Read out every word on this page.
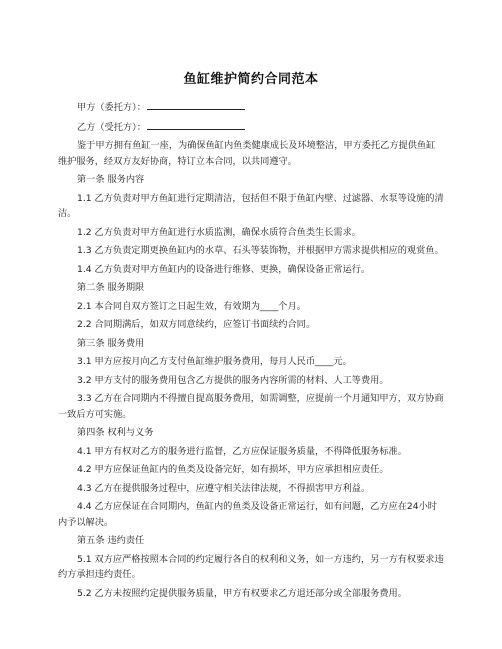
鱼缸维护简约合同范本
甲方（委托方）：
乙方（受托方）：

鉴于甲方拥有鱼缸一座，为确保鱼缸内鱼类健康成长及环境整洁，甲方委托乙方提供鱼缸维护服务，经双方友好协商，特订立本合同，以共同遵守。

第一条 服务内容

1.1 乙方负责对甲方鱼缸进行定期清洁，包括但不限于鱼缸内壁、过滤器、水泵等设施的清洁。

1.2 乙方负责对甲方鱼缸进行水质监测，确保水质符合鱼类生长需求。

1.3 乙方负责定期更换鱼缸内的水草、石头等装饰物，并根据甲方需求提供相应的观赏鱼。

1.4 乙方负责对甲方鱼缸内的设备进行维修、更换，确保设备正常运行。

第二条 服务期限

2.1 本合同自双方签订之日起生效，有效期为____个月。

2.2 合同期满后，如双方同意续约，应签订书面续约合同。

第三条 服务费用

3.1 甲方应按月向乙方支付鱼缸维护服务费用，每月人民币____元。

3.2 甲方支付的服务费用包含乙方提供的服务内容所需的材料、人工等费用。

3.3 乙方在合同期内不得擅自提高服务费用，如需调整，应提前一个月通知甲方，双方协商一致后方可实施。

第四条 权利与义务

4.1 甲方有权对乙方的服务进行监督，乙方应保证服务质量，不得降低服务标准。

4.2 甲方应保证鱼缸内的鱼类及设备完好，如有损坏，甲方应承担相应责任。

4.3 乙方在提供服务过程中，应遵守相关法律法规，不得损害甲方利益。

4.4 乙方应保证在合同期内，鱼缸内的鱼类及设备正常运行，如有问题，乙方应在24小时内予以解决。

第五条 违约责任

5.1 双方应严格按照本合同的约定履行各自的权利和义务，如一方违约，另一方有权要求违约方承担违约责任。

5.2 乙方未按照约定提供服务质量，甲方有权要求乙方退还部分或全部服务费用。
